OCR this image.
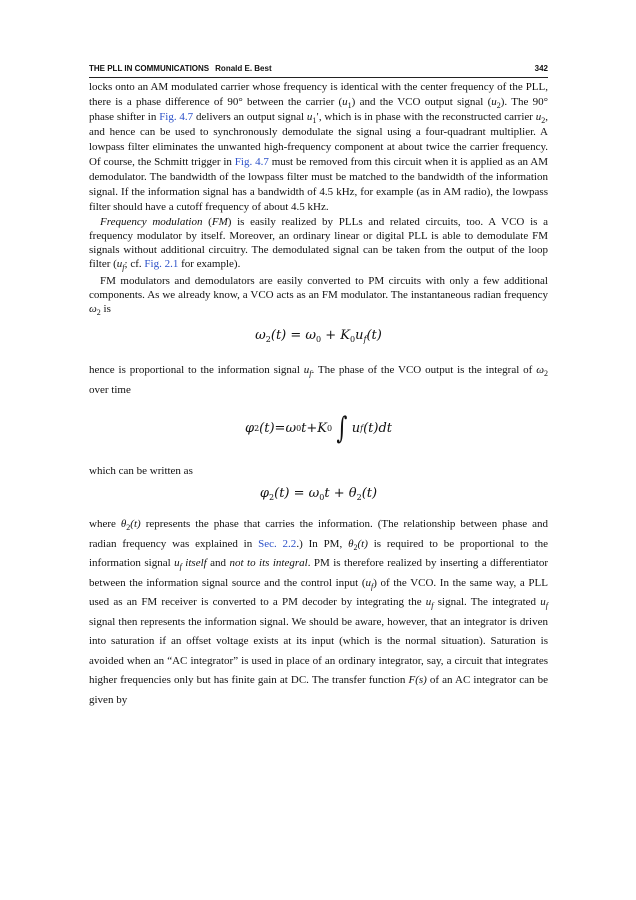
THE PLL IN COMMUNICATIONS Ronald E. Best	342

locks onto an AM modulated carrier whose frequency is identical with the center frequency of the PLL, there is a phase difference of 90° between the carrier $(u_1)$ and the VCO output signal $(u_2)$. The 90° phase shifter in Fig. 4.7 delivers an output signal $u_1'$, which is in phase with the reconstructed carrier $u_2$, and hence can be used to synchronously demodulate the signal using a four-quadrant multiplier. A lowpass filter eliminates the unwanted high-frequency component at about twice the carrier frequency. Of course, the Schmitt trigger in Fig. 4.7 must be removed from this circuit when it is applied as an AM demodulator. The bandwidth of the lowpass filter must be matched to the bandwidth of the information signal. If the information signal has a bandwidth of 4.5 kHz, for example (as in AM radio), the lowpass filter should have a cutoff frequency of about 4.5 kHz.

Frequency modulation (FM) is easily realized by PLLs and related circuits, too. A VCO is a frequency modulator by itself. Moreover, an ordinary linear or digital PLL is able to demodulate FM signals without additional circuitry. The demodulated signal can be taken from the output of the loop filter ($u_f$; cf. Fig. 2.1 for example).

FM modulators and demodulators are easily converted to PM circuits with only a few additional components. As we already know, a VCO acts as an FM modulator. The instantaneous radian frequency $\omega_2$ is

$\omega_2(t) = \omega_0 + K_0u_f(t)$

hence is proportional to the information signal $u_f$. The phase of the VCO output is the integral of $\omega_2$ over time

φ 2 (t) = ω 0 t + K 0 ∫ u f (t)dt

which can be written as

$\varphi_2(t) = \omega_0t + \theta_2(t)$

where $\theta_2(t)$ represents the phase that carries the information. (The relationship between phase and radian frequency was explained in Sec. 2.2.) In PM, $\theta_2(t)$ is required to be proportional to the information signal $u_f$ itself and not to its integral. PM is therefore realized by inserting a differentiator between the information signal source and the control input $(u_f)$ of the VCO. In the same way, a PLL used as an FM receiver is converted to a PM decoder by integrating the $u_f$ signal. The integrated $u_f$ signal then represents the information signal. We should be aware, however, that an integrator is driven into saturation if an offset voltage exists at its input (which is the normal situation). Saturation is avoided when an “AC integrator” is used in place of an ordinary integrator, say, a circuit that integrates higher frequencies only but has finite gain at DC. The transfer function F(s) of an AC integrator can be given by
